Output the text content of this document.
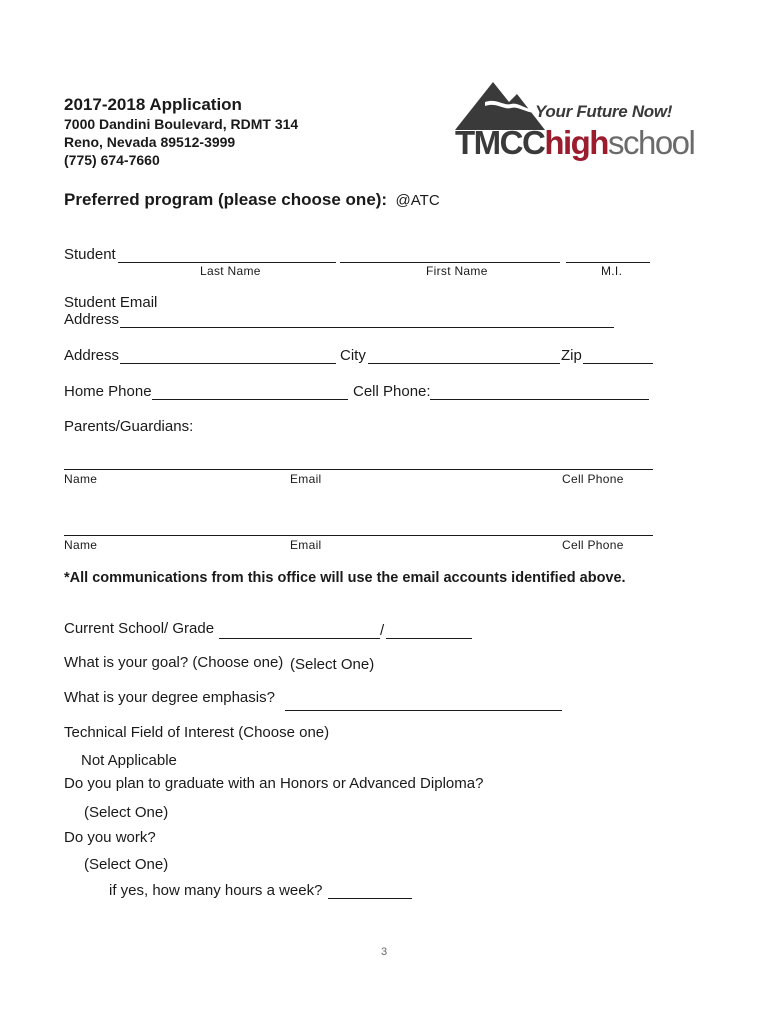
2017-2018 Application
7000 Dandini Boulevard, RDMT 314
Reno, Nevada 89512-3999
(775) 674-7660
Your Future Now!
TMCChighschool
Preferred program (please choose one): @ATC
Student
Last Name	First Name	M.I.
Student Email
Address
Address	City	Zip
Home Phone	Cell Phone:
Parents/Guardians:
Name	Email	Cell Phone
Name	Email	Cell Phone
*All communications from this office will use the email accounts identified above.
Current School/ Grade	/
What is your goal? (Choose one) (Select One)
What is your degree emphasis?
Technical Field of Interest (Choose one)
Not Applicable
Do you plan to graduate with an Honors or Advanced Diploma?
(Select One)
Do you work?
(Select One)
if yes, how many hours a week?
3
